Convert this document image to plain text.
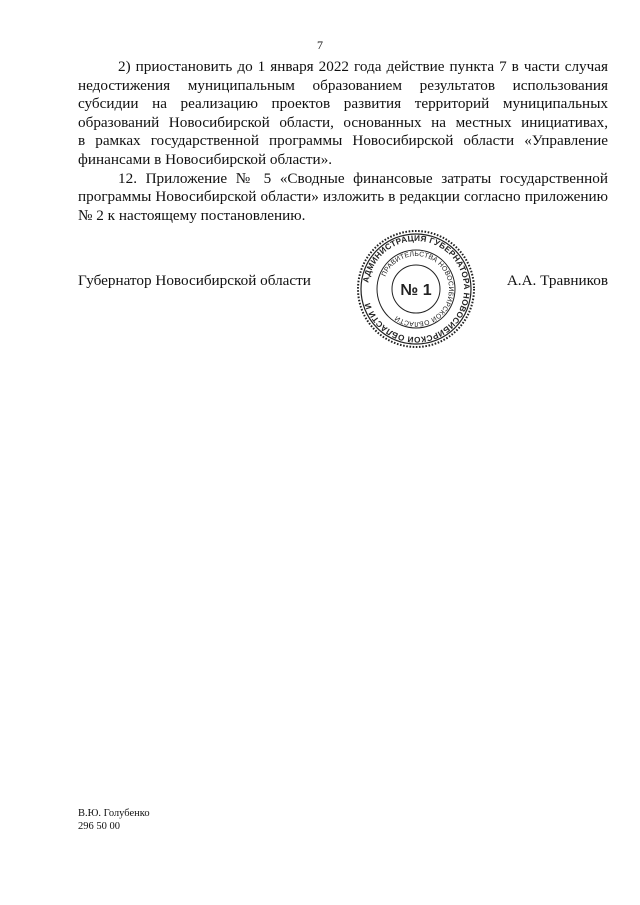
7

2) приостановить до 1 января 2022 года действие пункта 7 в части случая недостижения муниципальным образованием результатов использования субсидии на реализацию проектов развития территорий муниципальных образований Новосибирской области, основанных на местных инициативах, в рамках государственной программы Новосибирской области «Управление финансами в Новосибирской области».

12. Приложение № 5 «Сводные финансовые затраты государственной программы Новосибирской области» изложить в редакции согласно приложению № 2 к настоящему постановлению.

Губернатор Новосибирской области	А.А. Травников
АДМИНИСТРАЦИЯ ГУБЕРНАТОРА НОВОСИБИРСКОЙ ОБЛАСТИ И
ПРАВИТЕЛЬСТВА НОВОСИБИРСКОЙ ОБЛАСТИ
№ 1
В.Ю. Голубенко
296 50 00
